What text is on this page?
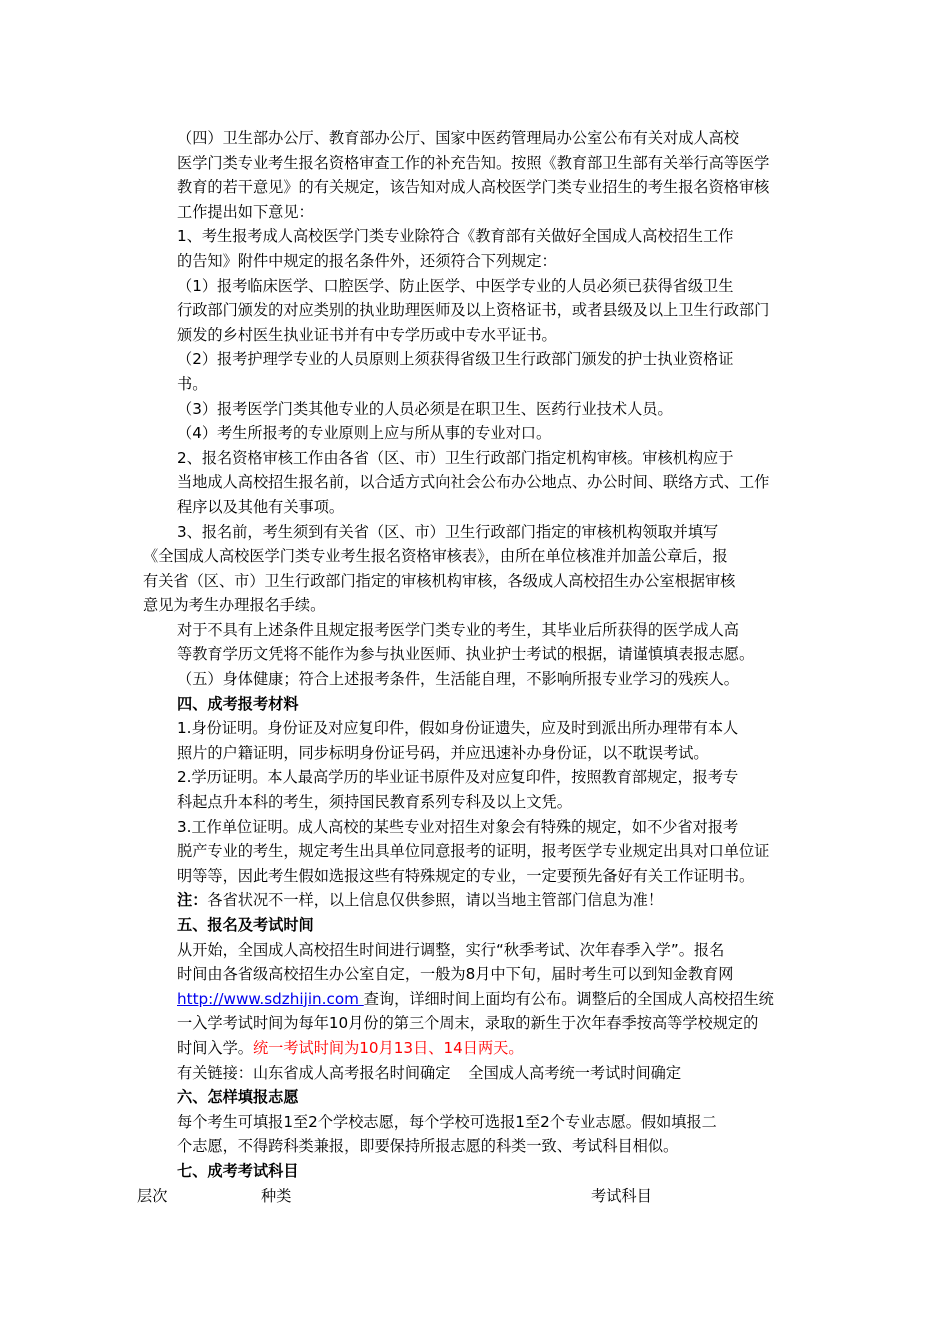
（四）卫生部办公厅、教育部办公厅、国家中医药管理局办公室公布有关对成人高校
医学门类专业考生报名资格审查工作的补充告知。按照《教育部卫生部有关举行高等医学
教育的若干意见》的有关规定，该告知对成人高校医学门类专业招生的考生报名资格审核
工作提出如下意见：

1、考生报考成人高校医学门类专业除符合《教育部有关做好全国成人高校招生工作
的告知》附件中规定的报名条件外，还须符合下列规定：

（1）报考临床医学、口腔医学、防止医学、中医学专业的人员必须已获得省级卫生
行政部门颁发的对应类别的执业助理医师及以上资格证书，或者县级及以上卫生行政部门
颁发的乡村医生执业证书并有中专学历或中专水平证书。

（2）报考护理学专业的人员原则上须获得省级卫生行政部门颁发的护士执业资格证
书。

（3）报考医学门类其他专业的人员必须是在职卫生、医药行业技术人员。

（4）考生所报考的专业原则上应与所从事的专业对口。

2、报名资格审核工作由各省（区、市）卫生行政部门指定机构审核。审核机构应于
当地成人高校招生报名前，以合适方式向社会公布办公地点、办公时间、联络方式、工作
程序以及其他有关事项。

3、报名前，考生须到有关省（区、市）卫生行政部门指定的审核机构领取并填写
《全国成人高校医学门类专业考生报名资格审核表》，由所在单位核准并加盖公章后，报
有关省（区、市）卫生行政部门指定的审核机构审核，各级成人高校招生办公室根据审核
意见为考生办理报名手续。

对于不具有上述条件且规定报考医学门类专业的考生，其毕业后所获得的医学成人高
等教育学历文凭将不能作为参与执业医师、执业护士考试的根据，请谨慎填表报志愿。

（五）身体健康；符合上述报考条件，生活能自理，不影响所报专业学习的残疾人。

四、成考报考材料

1.身份证明。身份证及对应复印件，假如身份证遗失，应及时到派出所办理带有本人
照片的户籍证明，同步标明身份证号码，并应迅速补办身份证，以不耽误考试。

2.学历证明。本人最高学历的毕业证书原件及对应复印件，按照教育部规定，报考专
科起点升本科的考生，须持国民教育系列专科及以上文凭。

3.工作单位证明。成人高校的某些专业对招生对象会有特殊的规定，如不少省对报考
脱产专业的考生，规定考生出具单位同意报考的证明，报考医学专业规定出具对口单位证
明等等，因此考生假如选报这些有特殊规定的专业，一定要预先备好有关工作证明书。

注：各省状况不一样，以上信息仅供参照，请以当地主管部门信息为准！

五、报名及考试时间

从开始，全国成人高校招生时间进行调整，实行“秋季考试、次年春季入学”。报名
时间由各省级高校招生办公室自定，一般为8月中下旬，届时考生可以到知金教育网
http://www.sdzhijin.com 查询，详细时间上面均有公布。调整后的全国成人高校招生统
一入学考试时间为每年10月份的第三个周末，录取的新生于次年春季按高等学校规定的
时间入学。统一考试时间为10月13日、14日两天。

有关链接：山东省成人高考报名时间确定 全国成人高考统一考试时间确定

六、怎样填报志愿

每个考生可填报1至2个学校志愿，每个学校可选报1至2个专业志愿。假如填报二
个志愿，不得跨科类兼报，即要保持所报志愿的科类一致、考试科目相似。

七、成考考试科目

层次	种类	考试科目
